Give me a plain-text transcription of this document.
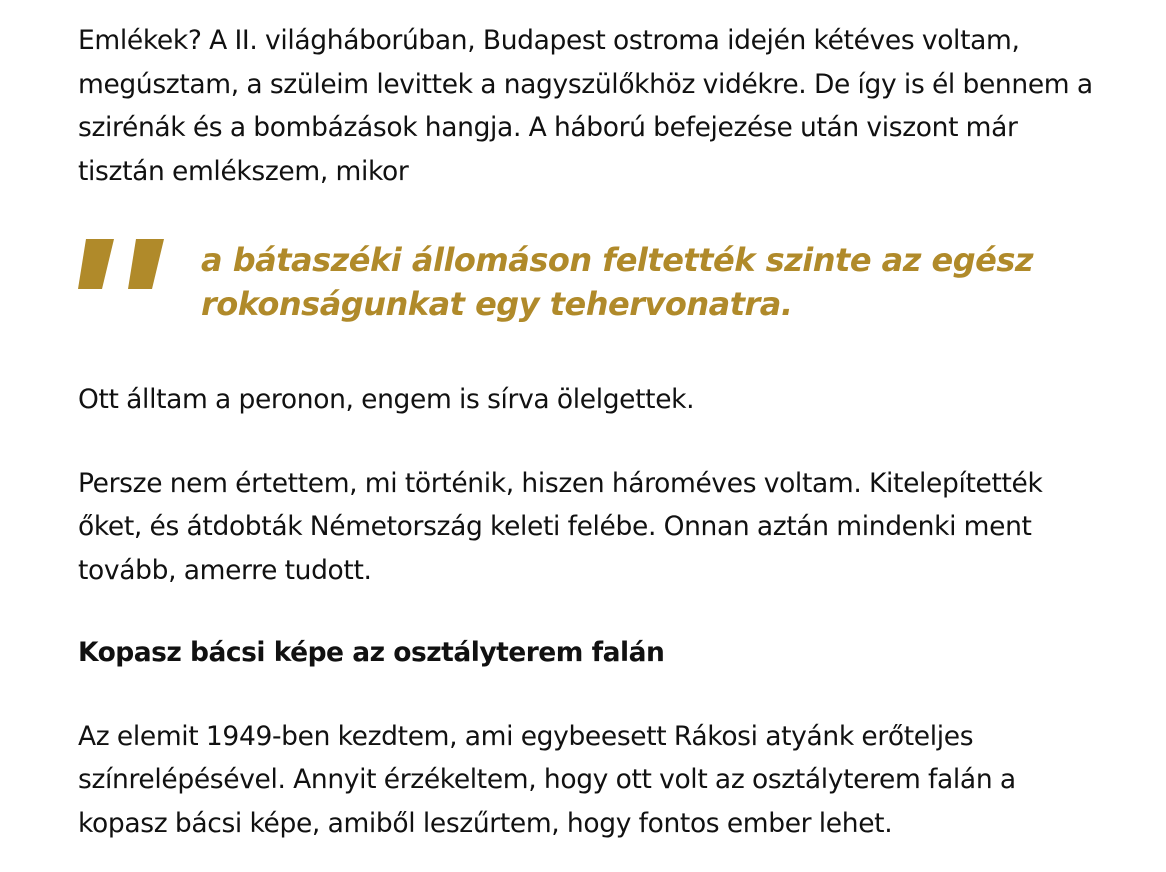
Emlékek? A II. világháborúban, Budapest ostroma idején kétéves voltam, megúsztam, a szüleim levittek a nagyszülőkhöz vidékre. De így is él bennem a szirénák és a bombázások hangja. A háború befejezése után viszont már tisztán emlékszem, mikor

a bátaszéki állomáson feltették szinte az egész rokonságunkat egy tehervonatra.

Ott álltam a peronon, engem is sírva ölelgettek.

Persze nem értettem, mi történik, hiszen hároméves voltam. Kitelepítették őket, és átdobták Németország keleti felébe. Onnan aztán mindenki ment tovább, amerre tudott.

Kopasz bácsi képe az osztályterem falán

Az elemit 1949-ben kezdtem, ami egybeesett Rákosi atyánk erőteljes színrelépésével. Annyit érzékeltem, hogy ott volt az osztályterem falán a kopasz bácsi képe, amiből leszűrtem, hogy fontos ember lehet.
